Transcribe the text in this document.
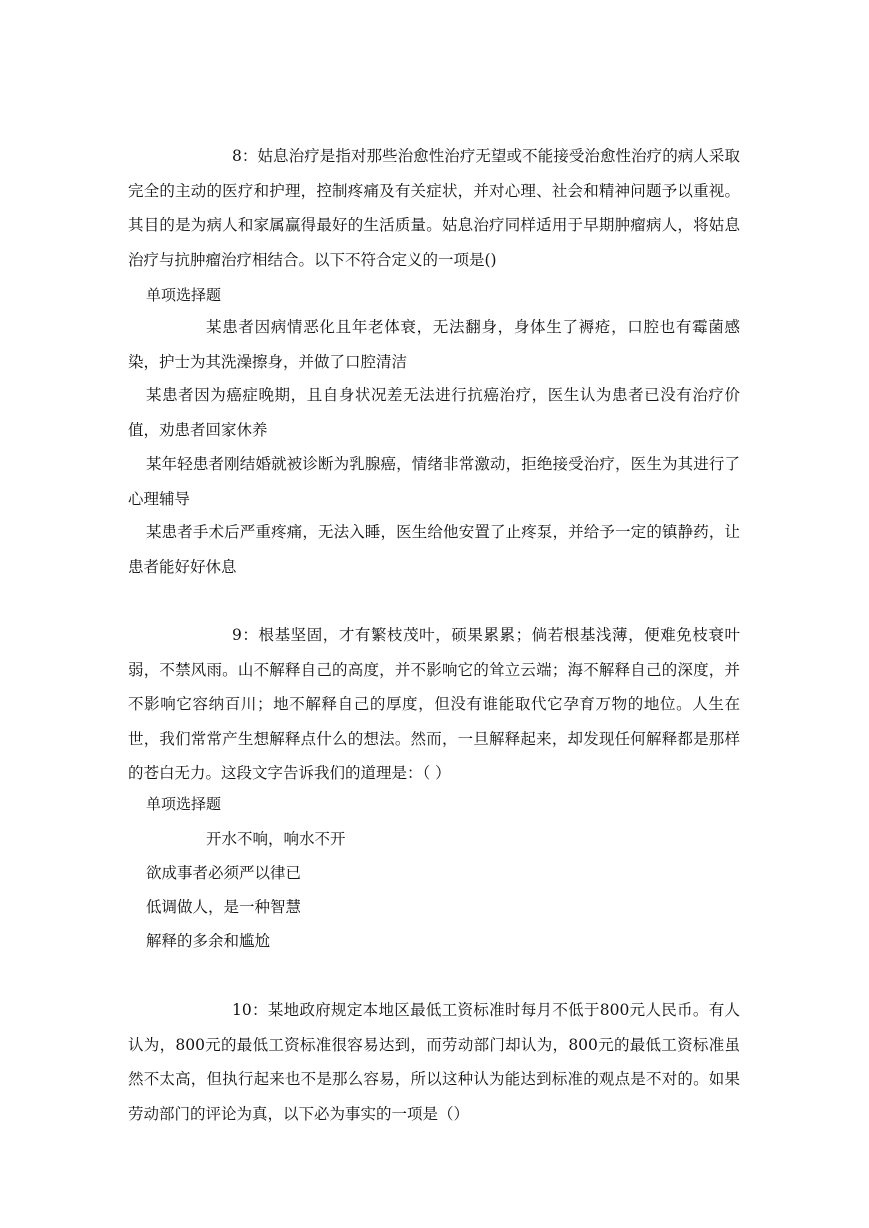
8：姑息治疗是指对那些治愈性治疗无望或不能接受治愈性治疗的病人采取完全的主动的医疗和护理，控制疼痛及有关症状，并对心理、社会和精神问题予以重视。其目的是为病人和家属赢得最好的生活质量。姑息治疗同样适用于早期肿瘤病人，将姑息治疗与抗肿瘤治疗相结合。以下不符合定义的一项是()
单项选择题
某患者因病情恶化且年老体衰，无法翻身，身体生了褥疮，口腔也有霉菌感染，护士为其洗澡擦身，并做了口腔清洁
某患者因为癌症晚期，且自身状况差无法进行抗癌治疗，医生认为患者已没有治疗价值，劝患者回家休养
某年轻患者刚结婚就被诊断为乳腺癌，情绪非常激动，拒绝接受治疗，医生为其进行了心理辅导
某患者手术后严重疼痛，无法入睡，医生给他安置了止疼泵，并给予一定的镇静药，让患者能好好休息
9：根基坚固，才有繁枝茂叶，硕果累累；倘若根基浅薄，便难免枝衰叶弱，不禁风雨。山不解释自己的高度，并不影响它的耸立云端；海不解释自己的深度，并不影响它容纳百川；地不解释自己的厚度，但没有谁能取代它孕育万物的地位。人生在世，我们常常产生想解释点什么的想法。然而，一旦解释起来，却发现任何解释都是那样的苍白无力。这段文字告诉我们的道理是：（ ）
单项选择题
开水不响，响水不开
欲成事者必须严以律已
低调做人，是一种智慧
解释的多余和尴尬
10：某地政府规定本地区最低工资标准时每月不低于800元人民币。有人认为，800元的最低工资标准很容易达到，而劳动部门却认为，800元的最低工资标准虽然不太高，但执行起来也不是那么容易，所以这种认为能达到标准的观点是不对的。如果劳动部门的评论为真，以下必为事实的一项是（）
